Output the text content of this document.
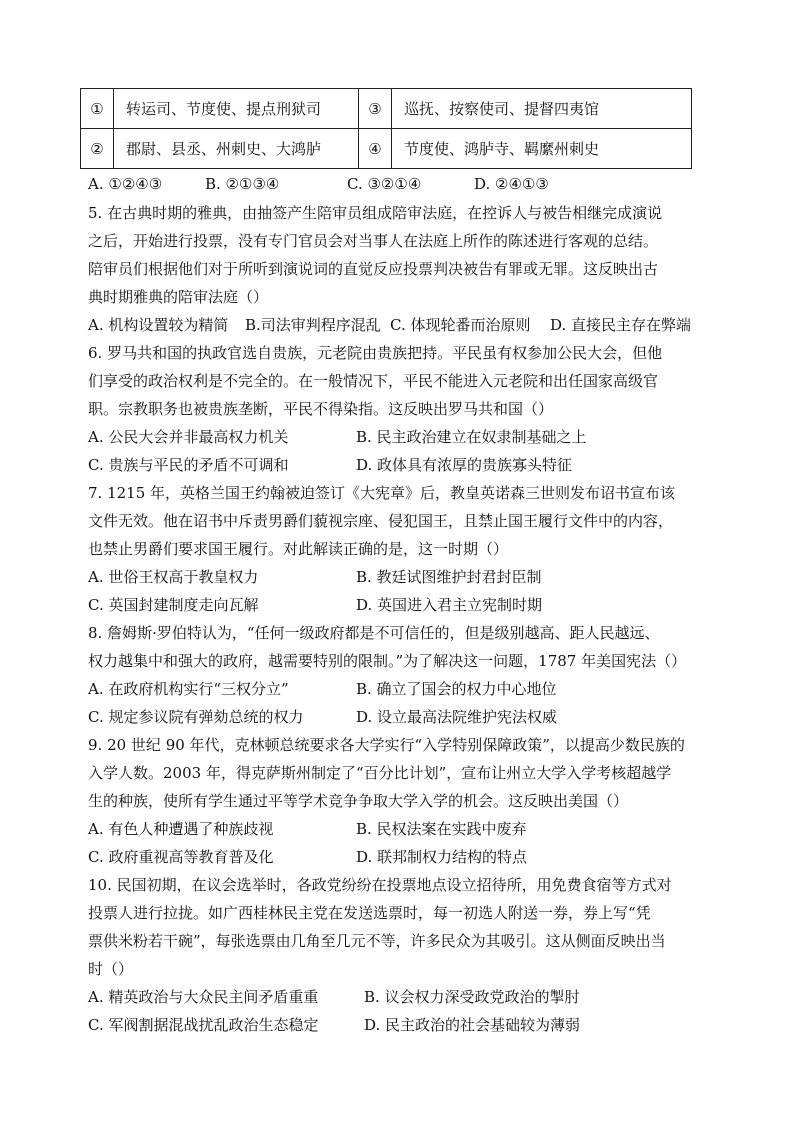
①	转运司、节度使、提点刑狱司	③	巡抚、按察使司、提督四夷馆
②	郡尉、县丞、州刺史、大鸿胪	④	节度使、鸿胪寺、羁縻州刺史
A. ①②④③	B. ②①③④	C. ③②①④	D. ②④①③
5. 在古典时期的雅典，由抽签产生陪审员组成陪审法庭，在控诉人与被告相继完成演说
之后，开始进行投票，没有专门官员会对当事人在法庭上所作的陈述进行客观的总结。
陪审员们根据他们对于所听到演说词的直觉反应投票判决被告有罪或无罪。这反映出古
典时期雅典的陪审法庭（）
A. 机构设置较为精简 B.司法审判程序混乱 C. 体现轮番而治原则 D. 直接民主存在弊端
6. 罗马共和国的执政官选自贵族，元老院由贵族把持。平民虽有权参加公民大会，但他
们享受的政治权利是不完全的。在一般情况下，平民不能进入元老院和出任国家高级官
职。宗教职务也被贵族垄断，平民不得染指。这反映出罗马共和国（）
A. 公民大会并非最高权力机关	B. 民主政治建立在奴隶制基础之上
C. 贵族与平民的矛盾不可调和	D. 政体具有浓厚的贵族寡头特征
7. 1215 年，英格兰国王约翰被迫签订《大宪章》后，教皇英诺森三世则发布诏书宣布该
文件无效。他在诏书中斥责男爵们藐视宗座、侵犯国王，且禁止国王履行文件中的内容，
也禁止男爵们要求国王履行。对此解读正确的是，这一时期（）
A. 世俗王权高于教皇权力	B. 教廷试图维护封君封臣制
C. 英国封建制度走向瓦解	D. 英国进入君主立宪制时期
8. 詹姆斯·罗伯特认为，“任何一级政府都是不可信任的，但是级别越高、距人民越远、
权力越集中和强大的政府，越需要特别的限制。”为了解决这一问题，1787 年美国宪法（）
A. 在政府机构实行“三权分立”	B. 确立了国会的权力中心地位
C. 规定参议院有弹劾总统的权力	D. 设立最高法院维护宪法权威
9. 20 世纪 90 年代，克林顿总统要求各大学实行“入学特别保障政策”，以提高少数民族的
入学人数。2003 年，得克萨斯州制定了“百分比计划”，宣布让州立大学入学考核超越学
生的种族，使所有学生通过平等学术竞争争取大学入学的机会。这反映出美国（）
A. 有色人种遭遇了种族歧视	B. 民权法案在实践中废弃
C. 政府重视高等教育普及化	D. 联邦制权力结构的特点
10. 民国初期，在议会选举时，各政党纷纷在投票地点设立招待所，用免费食宿等方式对
投票人进行拉拢。如广西桂林民主党在发送选票时，每一初选人附送一券，券上写“凭
票供米粉若干碗”，每张选票由几角至几元不等，许多民众为其吸引。这从侧面反映出当
时（）
A. 精英政治与大众民主间矛盾重重	B. 议会权力深受政党政治的掣肘
C. 军阀割据混战扰乱政治生态稳定	D. 民主政治的社会基础较为薄弱
